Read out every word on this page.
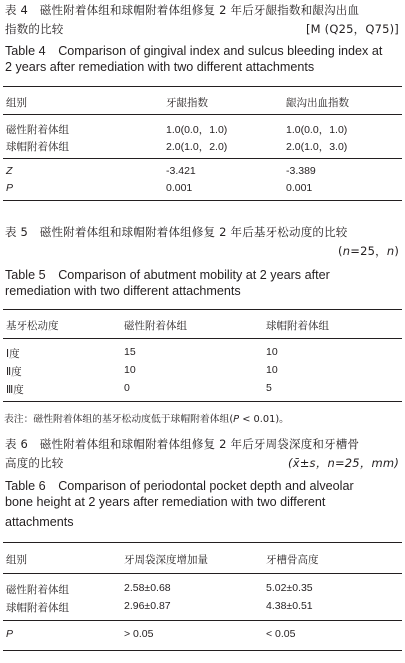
表 4　磁性附着体组和球帽附着体组修复 2 年后牙龈指数和龈沟出血
指数的比较	[M (Q25，Q75)]
Table 4　Comparison of gingival index and sulcus bleeding index at
2 years after remediation with two different attachments
组别	牙龈指数	龈沟出血指数
磁性附着体组	1.0(0.0，1.0)	1.0(0.0，1.0)
球帽附着体组	2.0(1.0，2.0)	2.0(1.0，3.0)
Z	-3.421	-3.389
P	0.001	0.001
表 5　磁性附着体组和球帽附着体组修复 2 年后基牙松动度的比较
(n=25，n)
Table 5　Comparison of abutment mobility at 2 years after
remediation with two different attachments
基牙松动度	磁性附着体组	球帽附着体组
Ⅰ度	15	10
Ⅱ度	10	10
Ⅲ度	0	5
表注：磁性附着体组的基牙松动度低于球帽附着体组(P < 0.01)。
表 6　磁性附着体组和球帽附着体组修复 2 年后牙周袋深度和牙槽骨
高度的比较	(x̄±s，n=25，mm)
Table 6　Comparison of periodontal pocket depth and alveolar
bone height at 2 years after remediation with two different
attachments
组别	牙周袋深度增加量	牙槽骨高度
磁性附着体组	2.58±0.68	5.02±0.35
球帽附着体组	2.96±0.87	4.38±0.51
P	> 0.05	< 0.05
